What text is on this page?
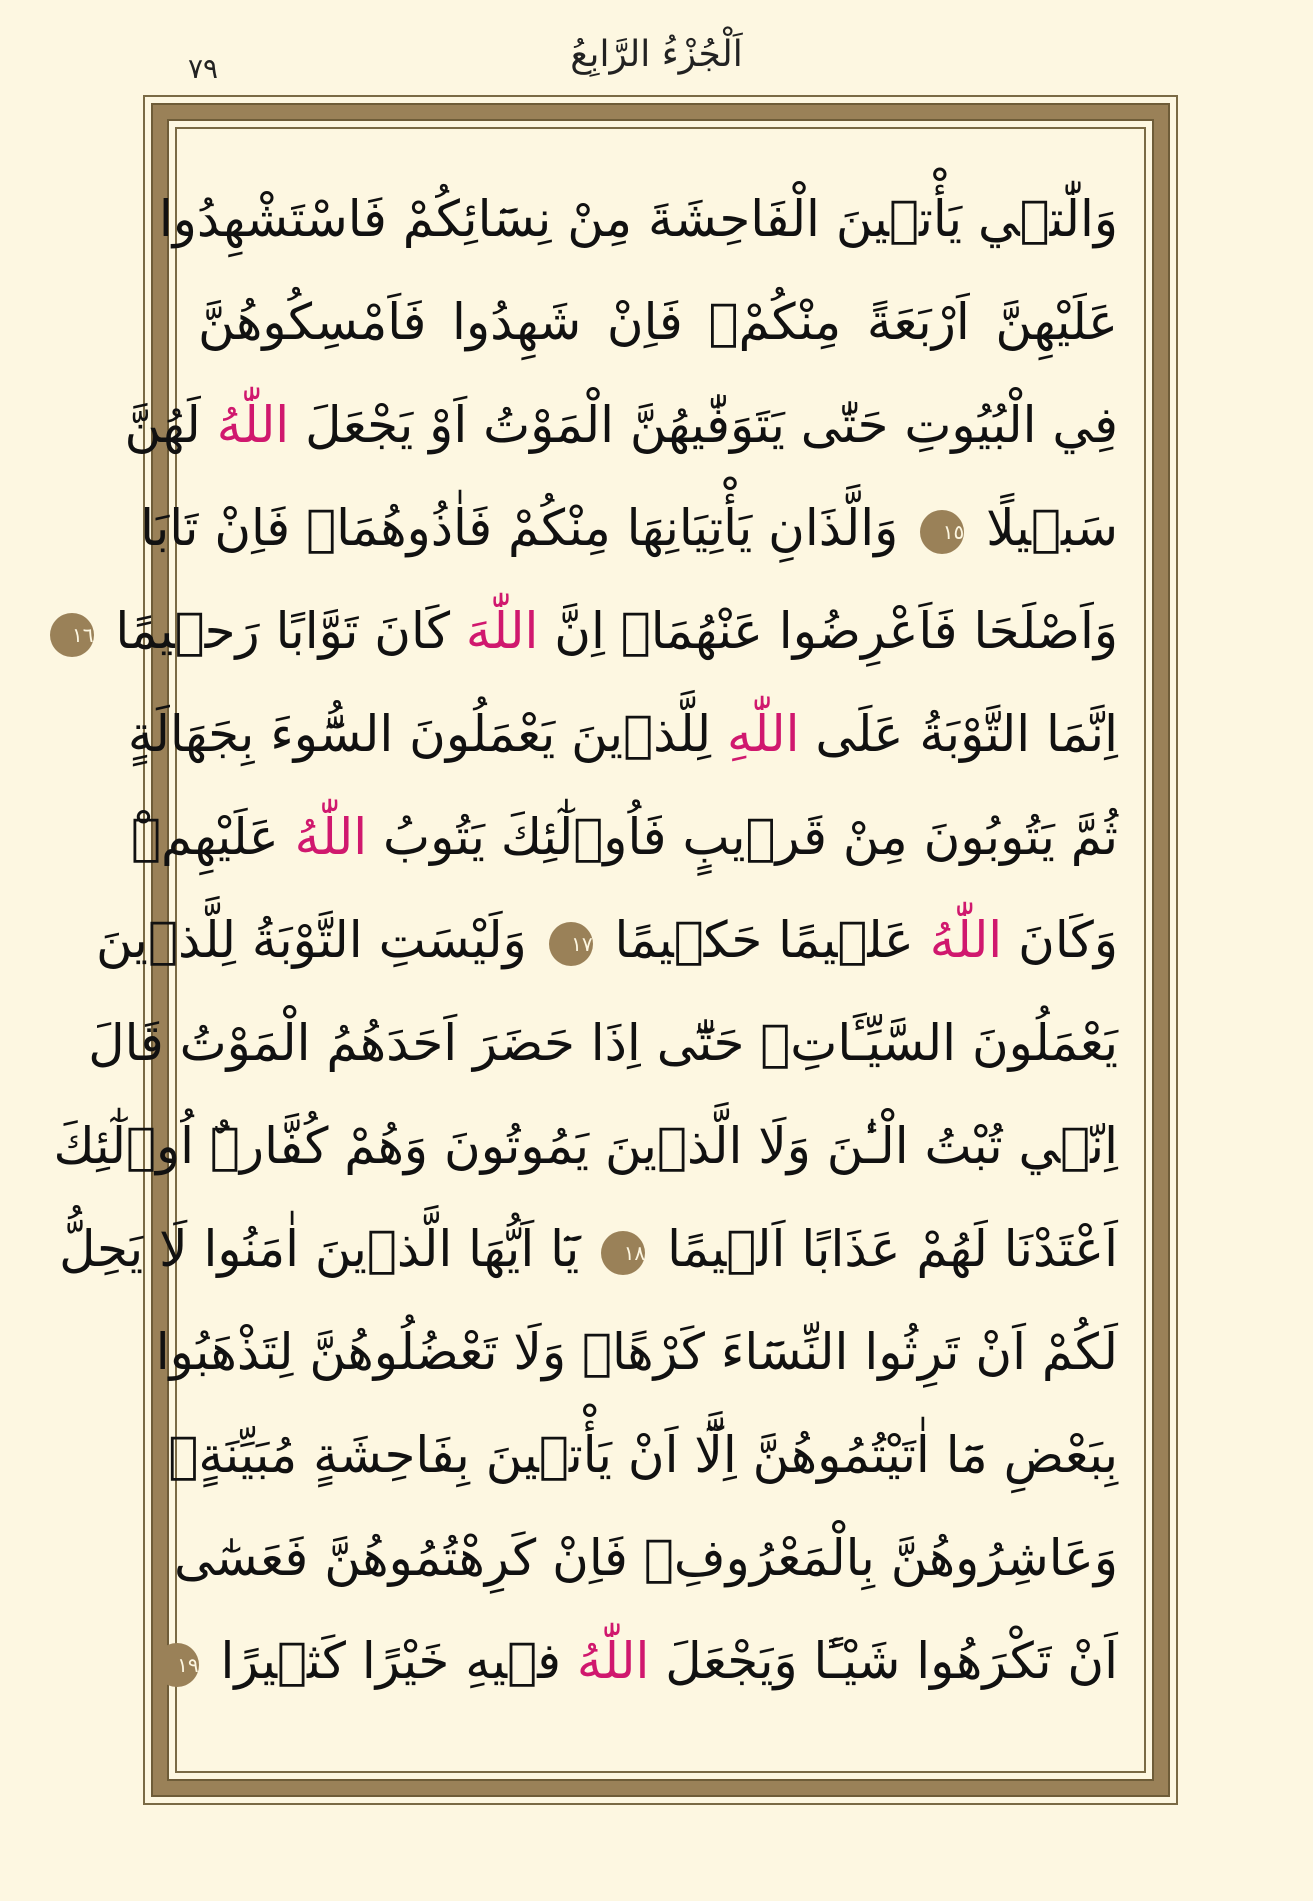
٧٩	اَلْجُزْءُ الرَّابِعُ
وَالّٰت۪ي يَأْت۪ينَ الْفَاحِشَةَ مِنْ نِسَٓائِكُمْ فَاسْتَشْهِدُوا
عَلَيْهِنَّ اَرْبَعَةً مِنْكُمْۚ فَاِنْ شَهِدُوا فَاَمْسِكُوهُنَّ
فِي الْبُيُوتِ حَتّٰى يَتَوَفّٰيهُنَّ الْمَوْتُ اَوْ يَجْعَلَ اللّٰهُ لَهُنَّ
سَب۪يلًا ١٥ وَالَّذَانِ يَأْتِيَانِهَا مِنْكُمْ فَاٰذُوهُمَاۚ فَاِنْ تَابَا
وَاَصْلَحَا فَاَعْرِضُوا عَنْهُمَاۜ اِنَّ اللّٰهَ كَانَ تَوَّابًا رَح۪يمًا ١٦
اِنَّمَا التَّوْبَةُ عَلَى اللّٰهِ لِلَّذ۪ينَ يَعْمَلُونَ السُّٓوءَ بِجَهَالَةٍ
ثُمَّ يَتُوبُونَ مِنْ قَر۪يبٍ فَاُو۬لٰٓئِكَ يَتُوبُ اللّٰهُ عَلَيْهِمْۜ
وَكَانَ اللّٰهُ عَل۪يمًا حَك۪يمًا ١٧ وَلَيْسَتِ التَّوْبَةُ لِلَّذ۪ينَ
يَعْمَلُونَ السَّيِّـَٔاتِۚ حَتّٰٓى اِذَا حَضَرَ اَحَدَهُمُ الْمَوْتُ قَالَ
اِنّ۪ي تُبْتُ الْـٰٔنَ وَلَا الَّذ۪ينَ يَمُوتُونَ وَهُمْ كُفَّارٌۜ اُو۬لٰٓئِكَ
اَعْتَدْنَا لَهُمْ عَذَابًا اَل۪يمًا ١٨ يَٓا اَيُّهَا الَّذ۪ينَ اٰمَنُوا لَا يَحِلُّ
لَكُمْ اَنْ تَرِثُوا النِّسَٓاءَ كَرْهًاۜ وَلَا تَعْضُلُوهُنَّ لِتَذْهَبُوا
بِبَعْضِ مَٓا اٰتَيْتُمُوهُنَّ اِلَّٓا اَنْ يَأْت۪ينَ بِفَاحِشَةٍ مُبَيِّنَةٍۚ
وَعَاشِرُوهُنَّ بِالْمَعْرُوفِۚ فَاِنْ كَرِهْتُمُوهُنَّ فَعَسٰٓى
اَنْ تَكْرَهُوا شَيْـًٔا وَيَجْعَلَ اللّٰهُ ف۪يهِ خَيْرًا كَث۪يرًا ١٩
